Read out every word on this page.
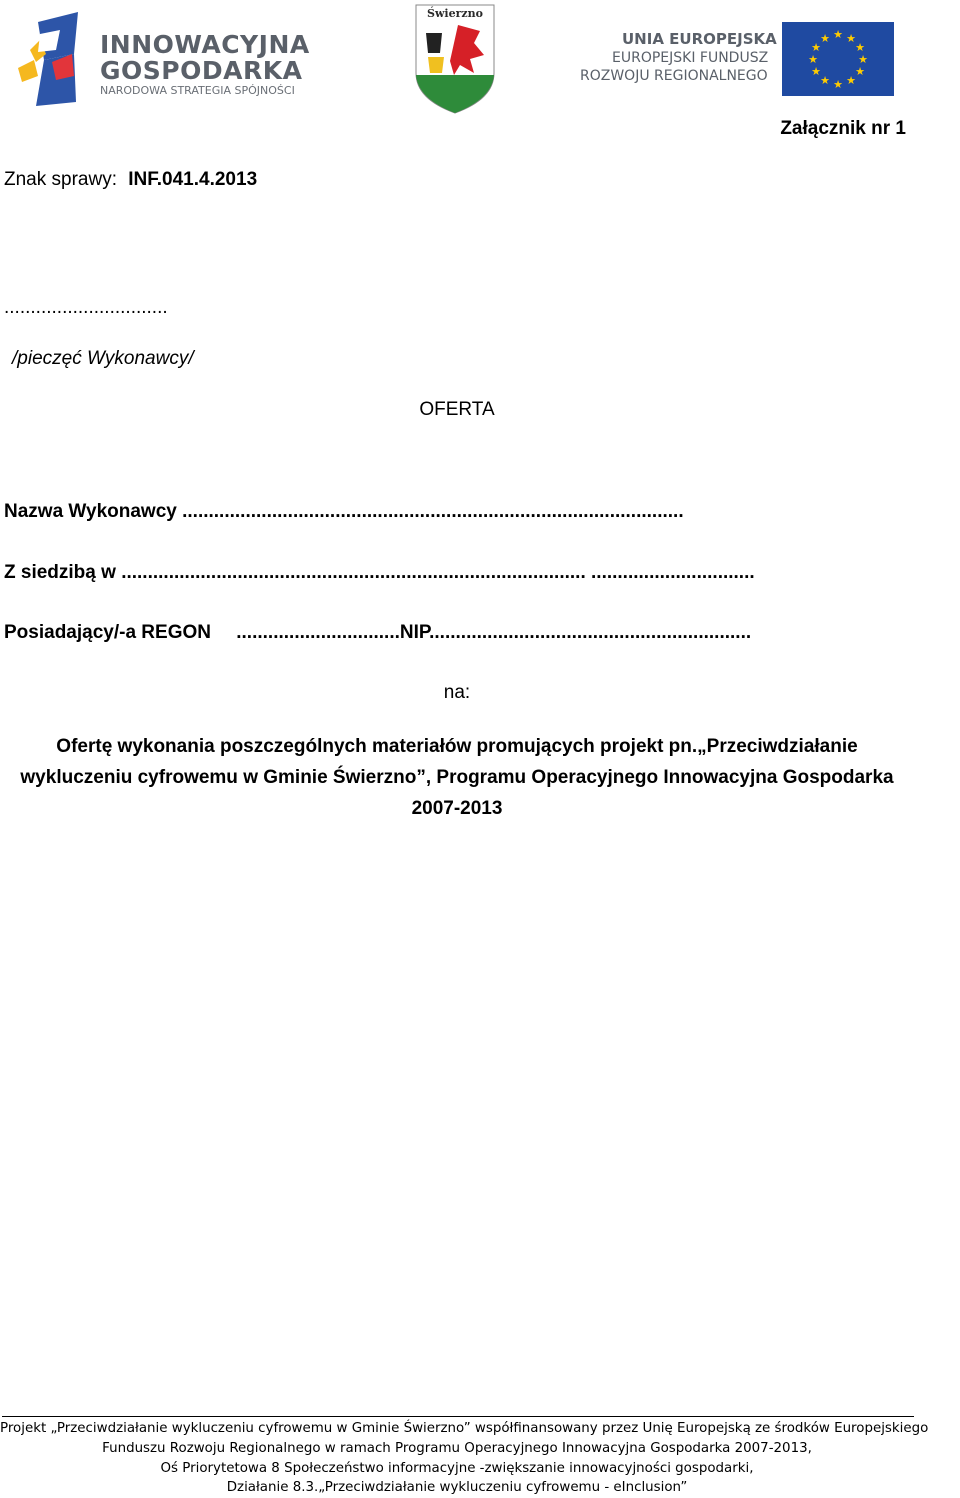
INNOWACYJNA
GOSPODARKA
NARODOWA STRATEGIA SPÓJNOŚCI
Świerzno
UNIA EUROPEJSKA
EUROPEJSKI FUNDUSZ
ROZWOJU REGIONALNEGO
★ ★
★
★
★
★
★
★
★
★
★
★
Załącznik nr 1
Znak sprawy: INF.041.4.2013
...............................
/pieczęć Wykonawcy/
OFERTA
Nazwa Wykonawcy ...............................................................................................
Z siedzibą w ........................................................................................ ...............................
Posiadający/-a REGON ...............................NIP.............................................................
na:
Ofertę wykonania poszczególnych materiałów promujących projekt pn.„Przeciwdziałanie
wykluczeniu cyfrowemu w Gminie Świerzno”, Programu Operacyjnego Innowacyjna Gospodarka
2007-2013
Projekt „Przeciwdziałanie wykluczeniu cyfrowemu w Gminie Świerzno” współfinansowany przez Unię Europejską ze środków Europejskiego
Funduszu Rozwoju Regionalnego w ramach Programu Operacyjnego Innowacyjna Gospodarka 2007-2013,
Oś Priorytetowa 8 Społeczeństwo informacyjne -zwiększanie innowacyjności gospodarki,
Działanie 8.3.„Przeciwdziałanie wykluczeniu cyfrowemu - eInclusion”
